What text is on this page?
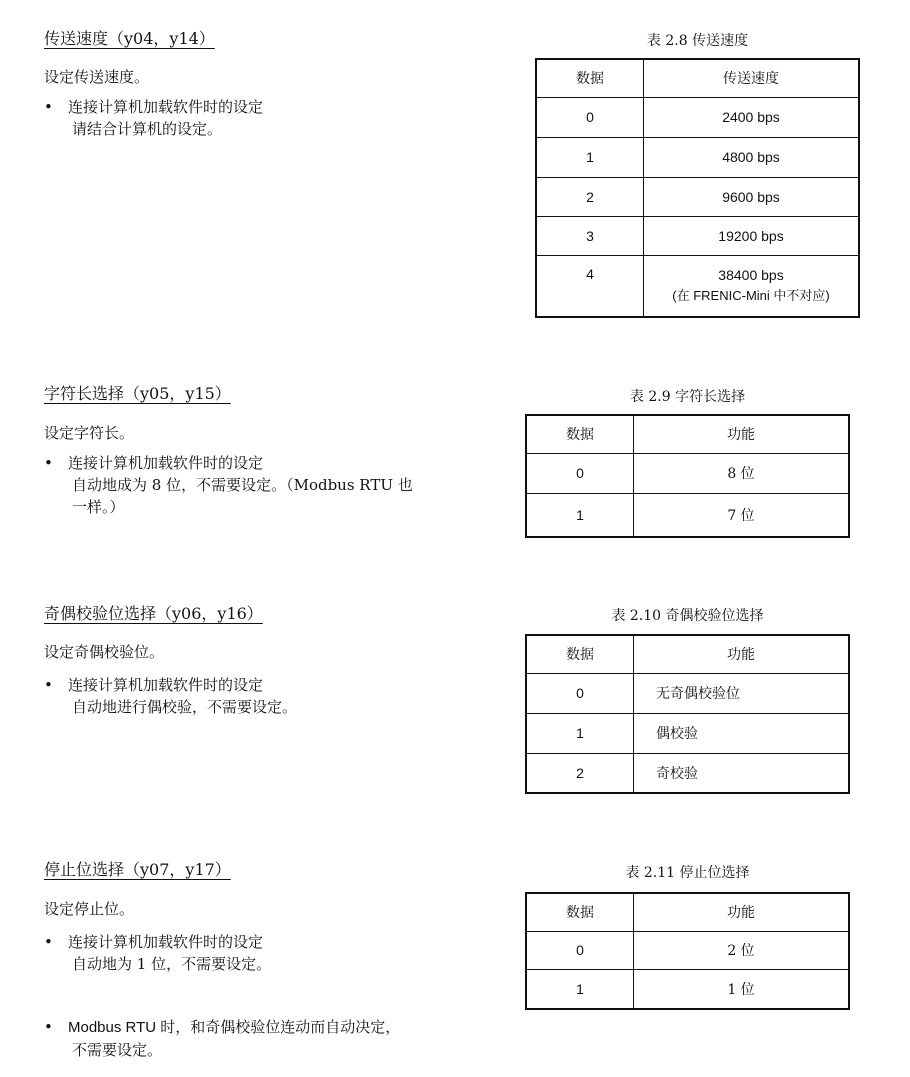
传送速度（y04，y14）
设定传送速度。
• 连接计算机加载软件时的设定
请结合计算机的设定。
表 2.8 传送速度
数据	传送速度
0	2400 bps
1	4800 bps
2	9600 bps
3	19200 bps
4	38400 bps
(在 FRENIC-Mini 中不对应)
字符长选择（y05，y15）
设定字符长。
• 连接计算机加载软件时的设定
自动地成为 8 位，不需要设定。（Modbus RTU 也
一样。）
表 2.9 字符长选择
数据	功能
0	8 位
1	7 位
奇偶校验位选择（y06，y16）
设定奇偶校验位。
• 连接计算机加载软件时的设定
自动地进行偶校验，不需要设定。
表 2.10 奇偶校验位选择
数据	功能
0	无奇偶校验位
1	偶校验
2	奇校验
停止位选择（y07，y17）
设定停止位。
• 连接计算机加载软件时的设定
自动地为 1 位，不需要设定。
• Modbus RTU 时，和奇偶校验位连动而自动决定，
不需要设定。
表 2.11 停止位选择
数据	功能
0	2 位
1	1 位
